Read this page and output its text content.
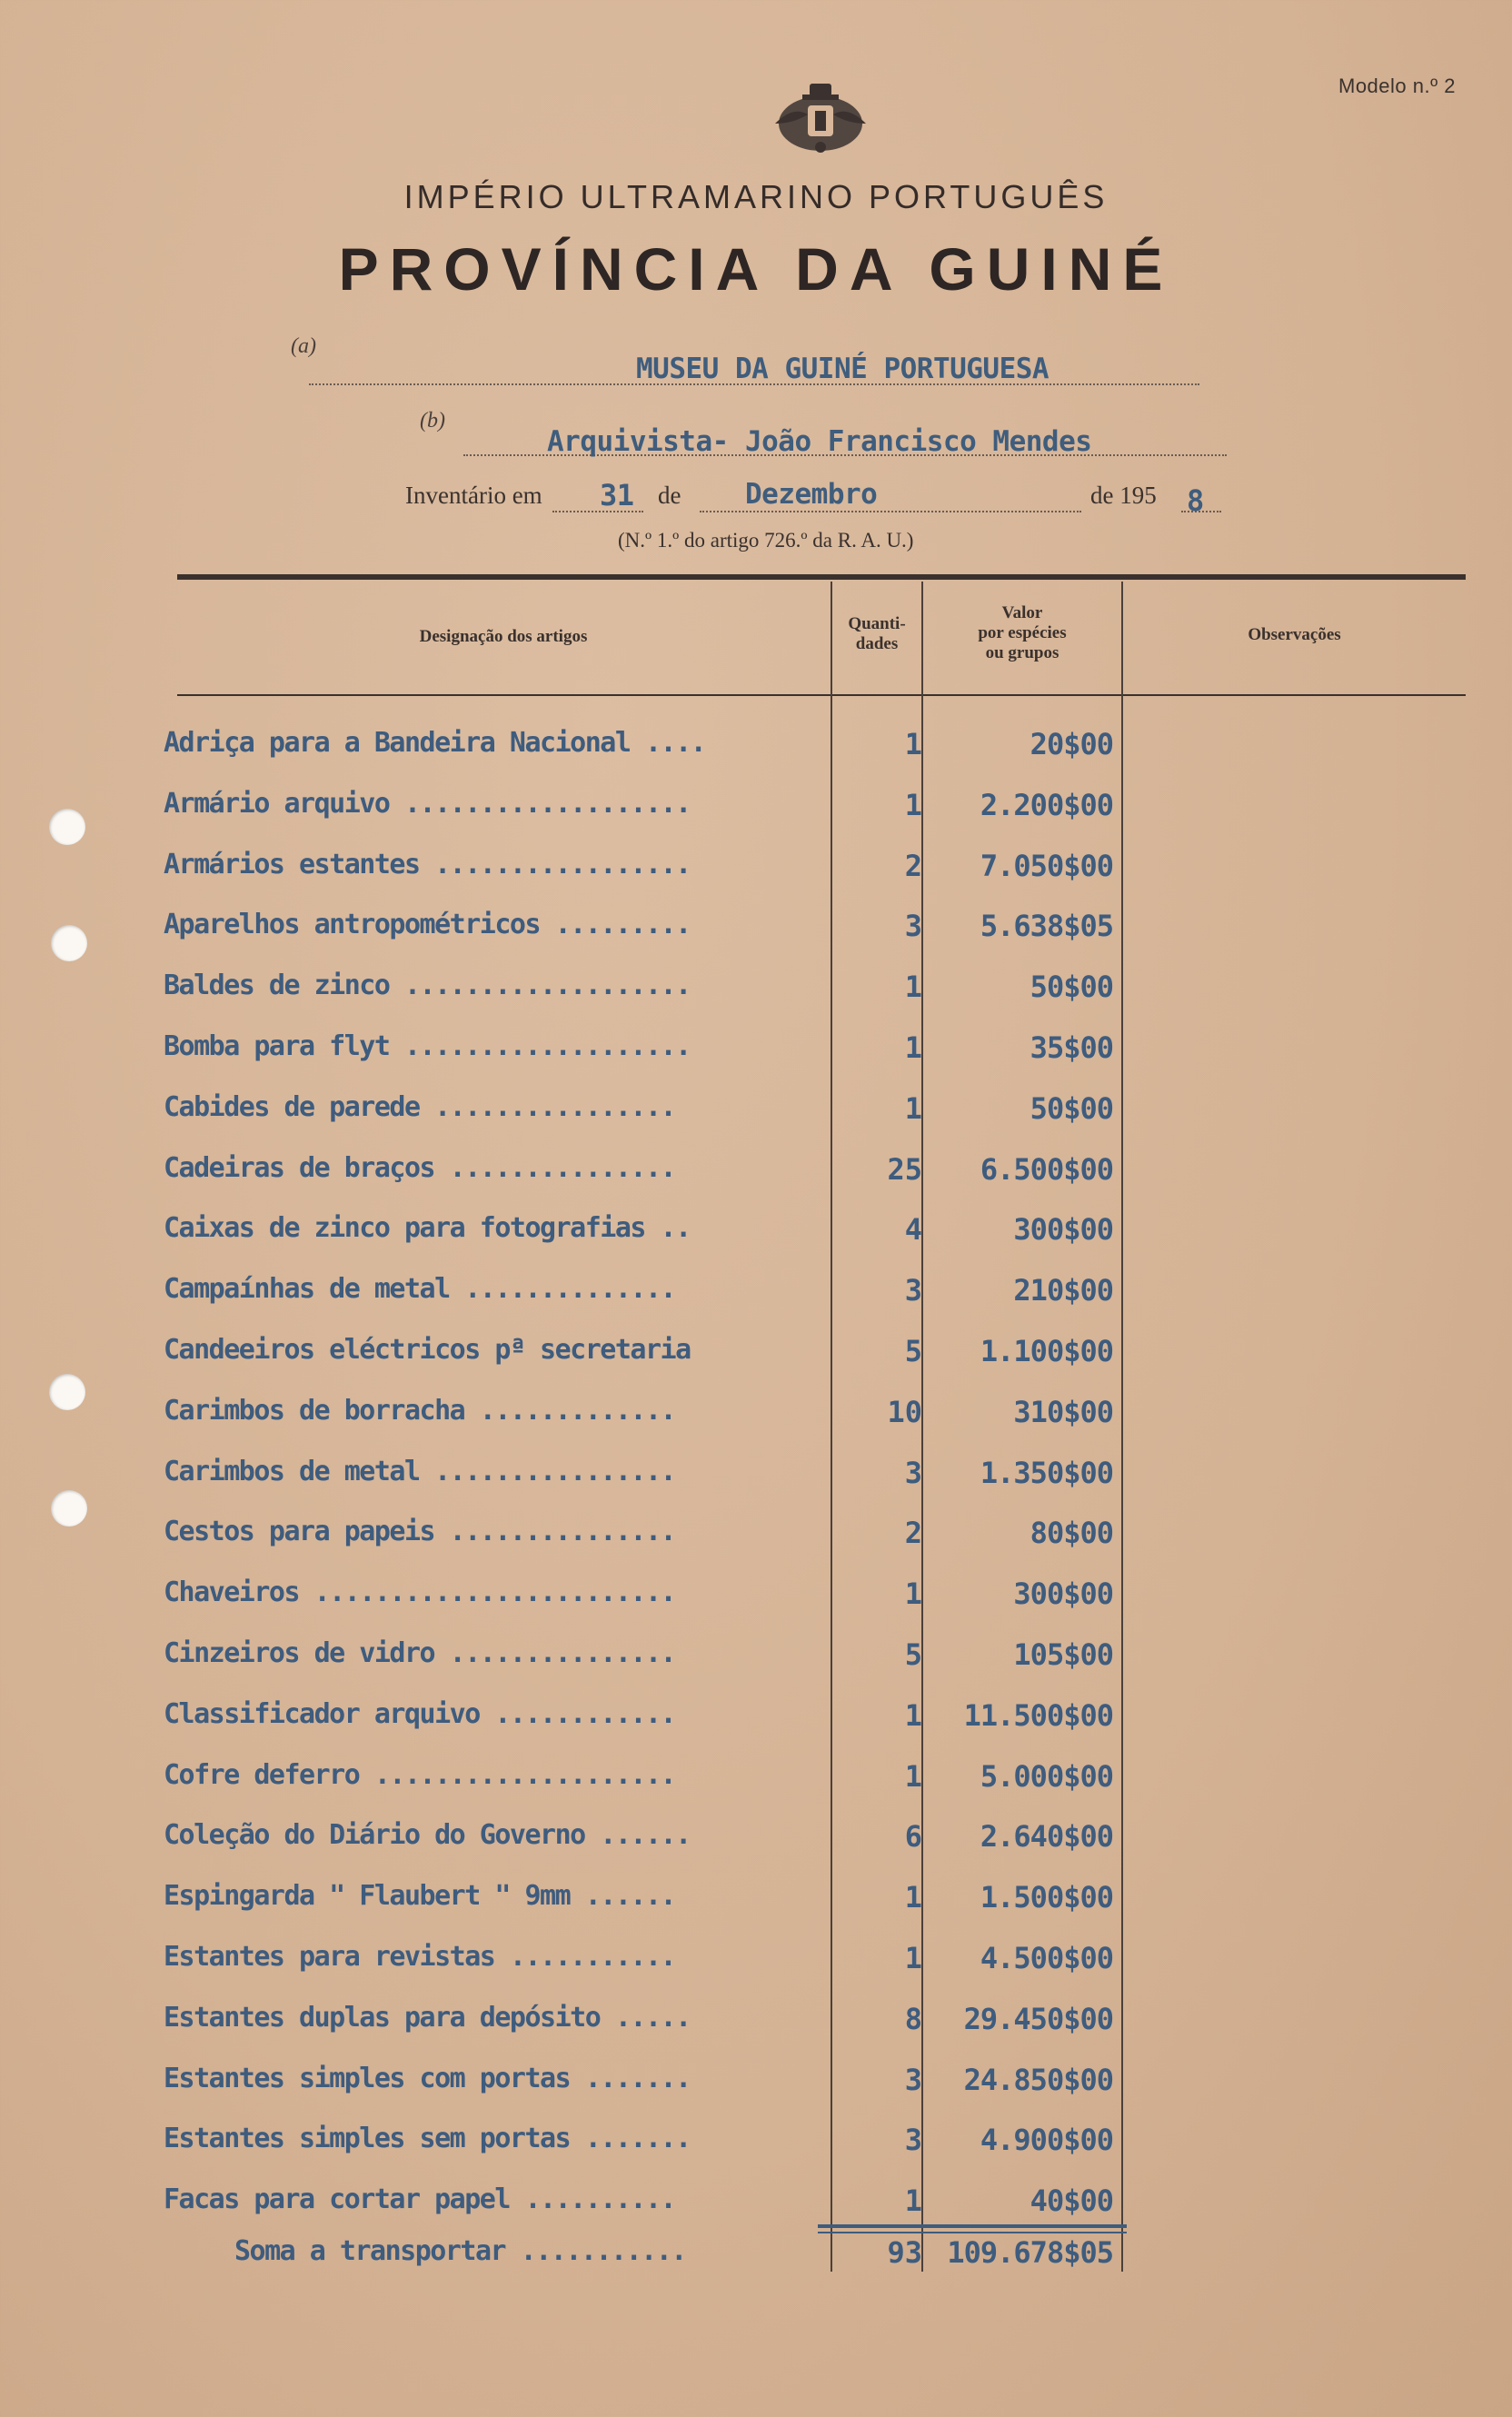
Modelo n.º 2
IMPÉRIO ULTRAMARINO PORTUGUÊS
PROVÍNCIA DA GUINÉ
(a)
MUSEU DA GUINÉ PORTUGUESA
(b)
Arquivista- João Francisco Mendes
Inventário em 31 de Dezembro	de 195 8
(N.º 1.º do artigo 726.º da R. A. U.)
Designação dos artigos
Quanti-dades
Valor
por espécies
ou grupos
Observações
Adriça para a Bandeira Nacional ....	1	20$00
Armário arquivo ...................	1	2.200$00
Armários estantes .................	2	7.050$00
Aparelhos antropométricos .........	3	5.638$05
Baldes de zinco ...................	1	50$00
Bomba para flyt ...................	1	35$00
Cabides de parede ................	1	50$00
Cadeiras de braços ...............	25	6.500$00
Caixas de zinco para fotografias ..	4	300$00
Campaínhas de metal ..............	3	210$00
Candeeiros eléctricos pª secretaria	5	1.100$00
Carimbos de borracha .............	10	310$00
Carimbos de metal ................	3	1.350$00
Cestos para papeis ...............	2	80$00
Chaveiros ........................	1	300$00
Cinzeiros de vidro ...............	5	105$00
Classificador arquivo ............	1	11.500$00
Cofre deferro ....................	1	5.000$00
Coleção do Diário do Governo ......	6	2.640$00
Espingarda " Flaubert " 9mm ......	1	1.500$00
Estantes para revistas ...........	1	4.500$00
Estantes duplas para depósito .....	8	29.450$00
Estantes simples com portas .......	3	24.850$00
Estantes simples sem portas .......	3	4.900$00
Facas para cortar papel ..........	1	40$00
Soma a transportar ...........	93 109.678$05
